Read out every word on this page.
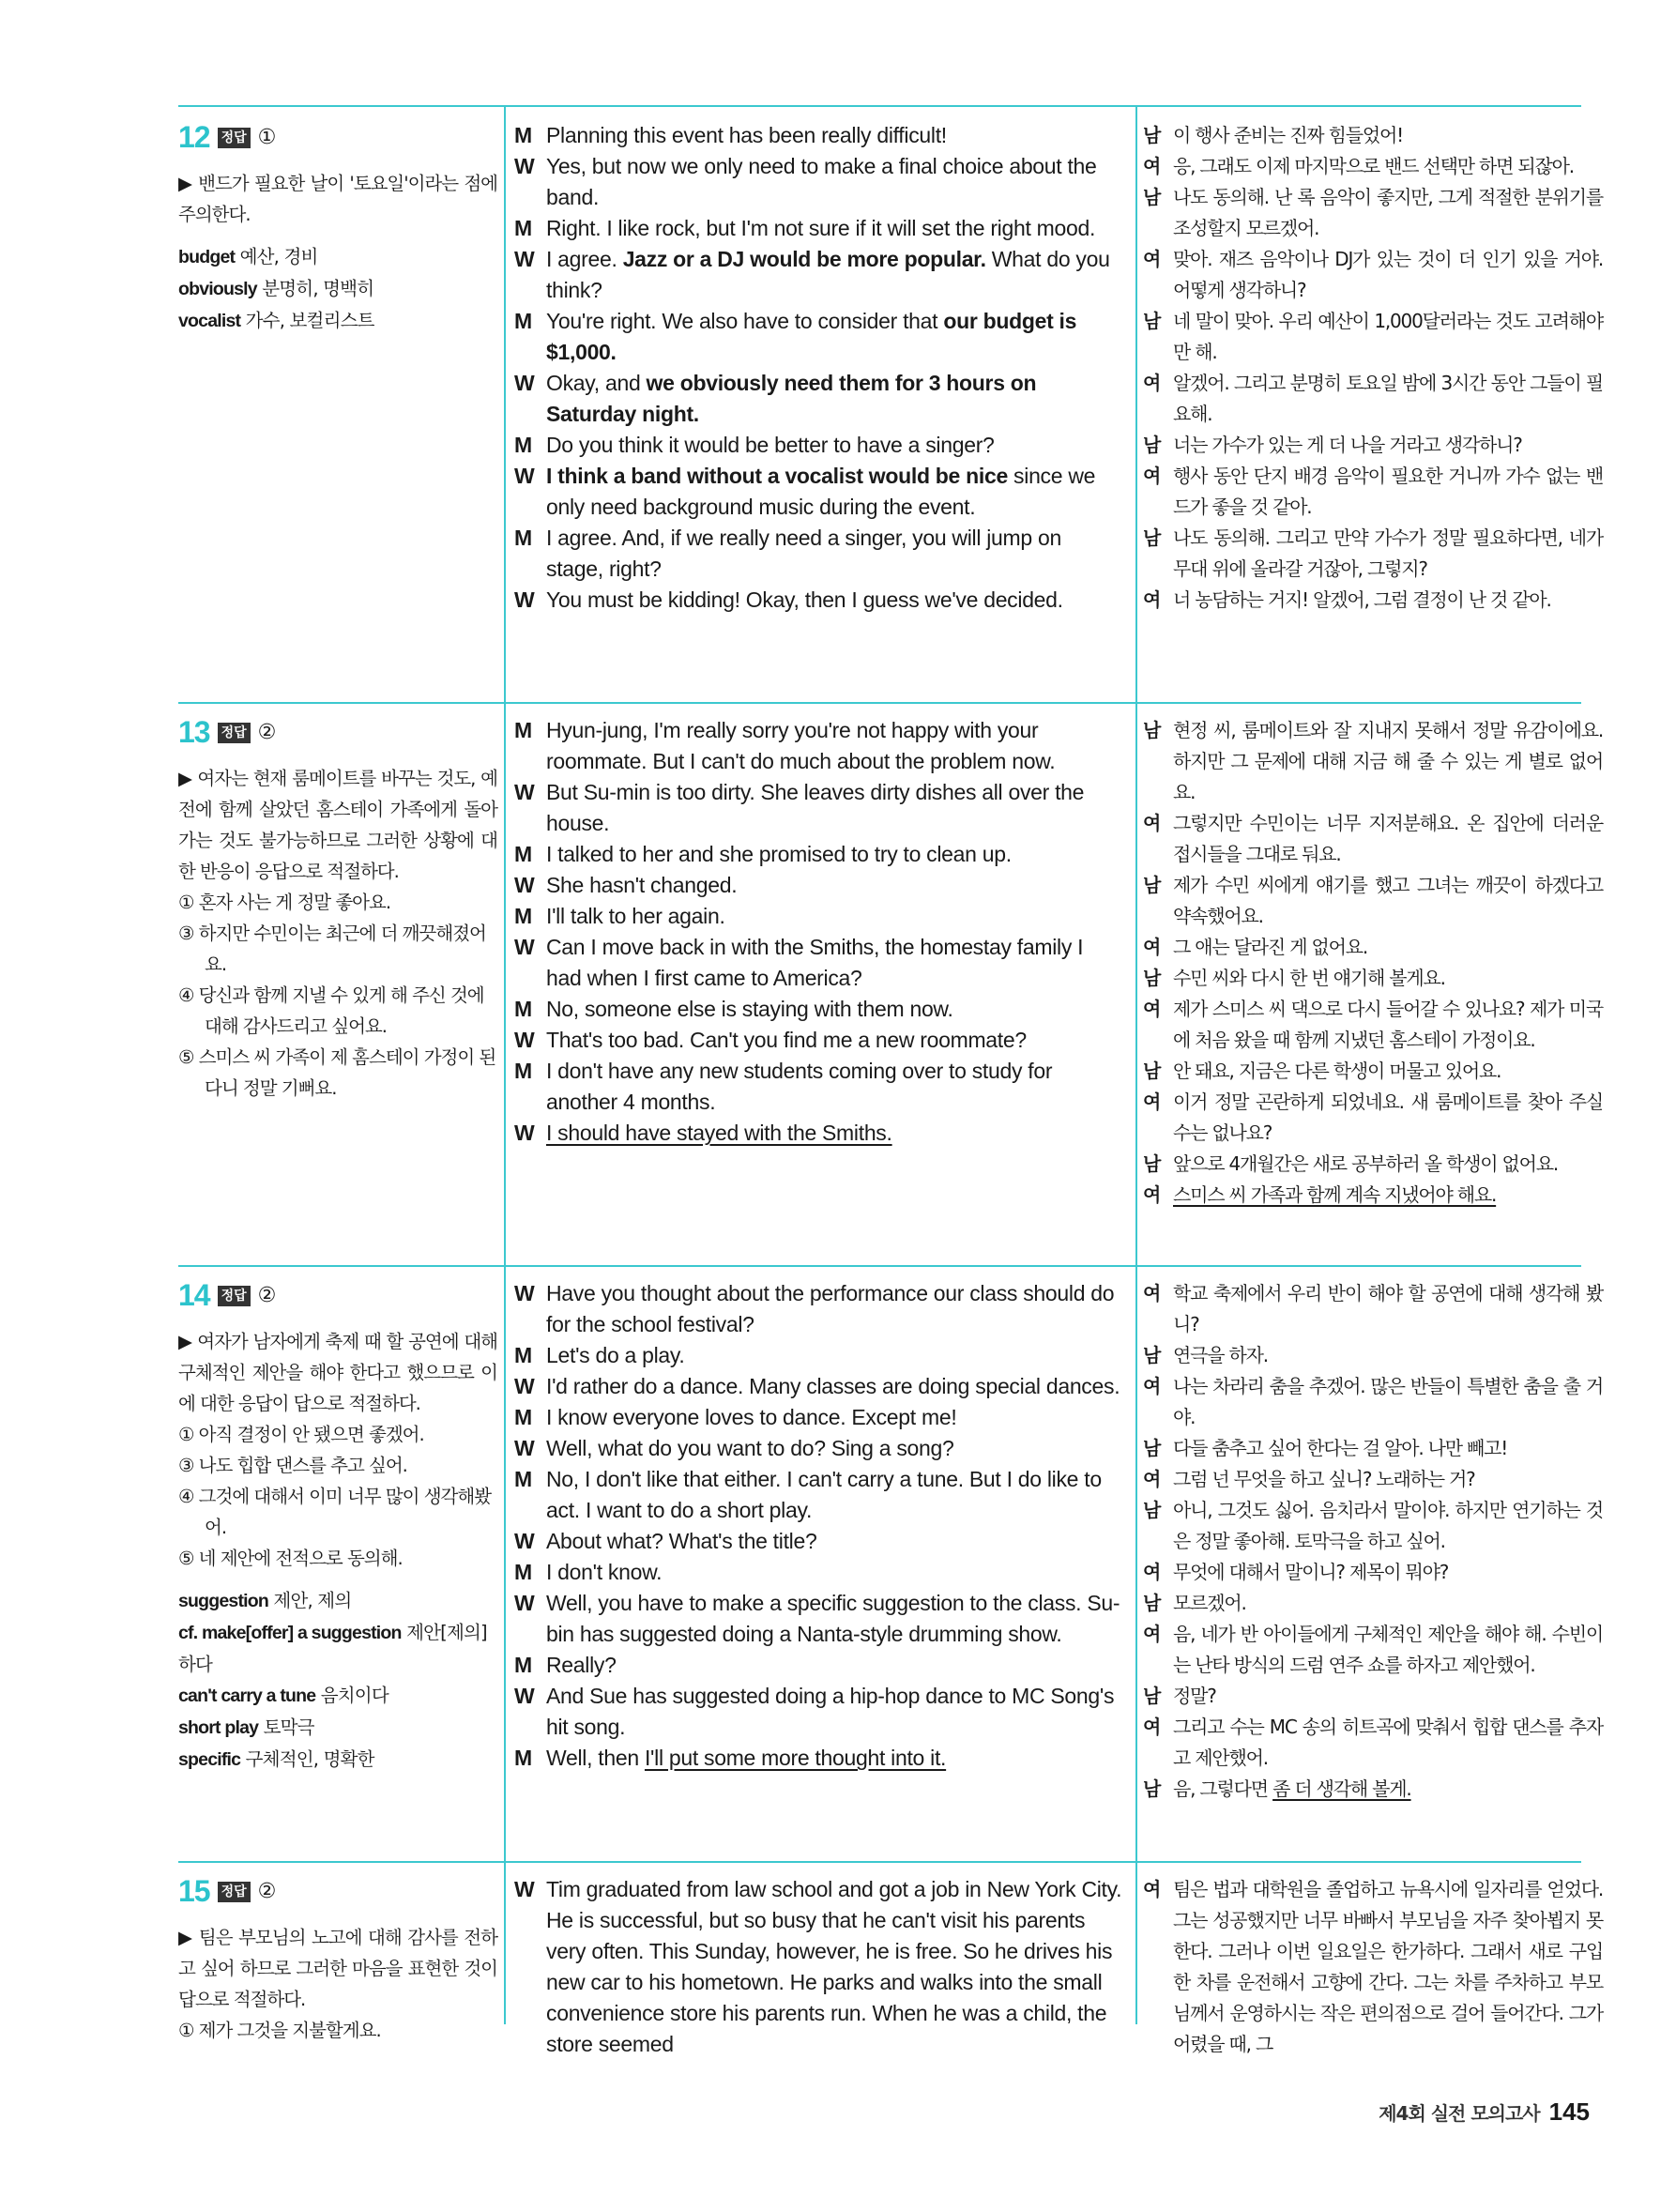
12 정답 ①
▶ 밴드가 필요한 날이 '토요일'이라는 점에 주의한다.
budget 예산, 경비
obviously 분명히, 명백히
vocalist 가수, 보컬리스트
M Planning this event has been really difficult!
W Yes, but now we only need to make a final choice about the band.
M Right. I like rock, but I'm not sure if it will set the right mood.
W I agree. Jazz or a DJ would be more popular. What do you think?
M You're right. We also have to consider that our budget is $1,000.
W Okay, and we obviously need them for 3 hours on Saturday night.
M Do you think it would be better to have a singer?
W I think a band without a vocalist would be nice since we only need background music during the event.
M I agree. And, if we really need a singer, you will jump on stage, right?
W You must be kidding! Okay, then I guess we've decided.
남 이 행사 준비는 진짜 힘들었어!
여 응, 그래도 이제 마지막으로 밴드 선택만 하면 되잖아.
남 나도 동의해. 난 록 음악이 좋지만, 그게 적절한 분위기를 조성할지 모르겠어.
여 맞아. 재즈 음악이나 DJ가 있는 것이 더 인기 있을 거야. 어떻게 생각하니?
남 네 말이 맞아. 우리 예산이 1,000달러라는 것도 고려해야만 해.
여 알겠어. 그리고 분명히 토요일 밤에 3시간 동안 그들이 필요해.
남 너는 가수가 있는 게 더 나을 거라고 생각하니?
여 행사 동안 단지 배경 음악이 필요한 거니까 가수 없는 밴드가 좋을 것 같아.
남 나도 동의해. 그리고 만약 가수가 정말 필요하다면, 네가 무대 위에 올라갈 거잖아, 그렇지?
여 너 농담하는 거지! 알겠어, 그럼 결정이 난 것 같아.
13 정답 ②
▶ 여자는 현재 룸메이트를 바꾸는 것도, 예전에 함께 살았던 홈스테이 가족에게 돌아가는 것도 불가능하므로 그러한 상황에 대한 반응이 응답으로 적절하다.
① 혼자 사는 게 정말 좋아요.
③ 하지만 수민이는 최근에 더 깨끗해졌어요.
④ 당신과 함께 지낼 수 있게 해 주신 것에 대해 감사드리고 싶어요.
⑤ 스미스 씨 가족이 제 홈스테이 가정이 된다니 정말 기뻐요.
M Hyun-jung, I'm really sorry you're not happy with your roommate. But I can't do much about the problem now.
W But Su-min is too dirty. She leaves dirty dishes all over the house.
M I talked to her and she promised to try to clean up.
W She hasn't changed.
M I'll talk to her again.
W Can I move back in with the Smiths, the homestay family I had when I first came to America?
M No, someone else is staying with them now.
W That's too bad. Can't you find me a new roommate?
M I don't have any new students coming over to study for another 4 months.
W I should have stayed with the Smiths.
남 현정 씨, 룸메이트와 잘 지내지 못해서 정말 유감이에요. 하지만 그 문제에 대해 지금 해 줄 수 있는 게 별로 없어요.
여 그렇지만 수민이는 너무 지저분해요. 온 집안에 더러운 접시들을 그대로 둬요.
남 제가 수민 씨에게 얘기를 했고 그녀는 깨끗이 하겠다고 약속했어요.
여 그 애는 달라진 게 없어요.
남 수민 씨와 다시 한 번 얘기해 볼게요.
여 제가 스미스 씨 댁으로 다시 들어갈 수 있나요? 제가 미국에 처음 왔을 때 함께 지냈던 홈스테이 가정이요.
남 안 돼요, 지금은 다른 학생이 머물고 있어요.
여 이거 정말 곤란하게 되었네요. 새 룸메이트를 찾아 주실 수는 없나요?
남 앞으로 4개월간은 새로 공부하러 올 학생이 없어요.
여 스미스 씨 가족과 함께 계속 지냈어야 해요.
14 정답 ②
▶ 여자가 남자에게 축제 때 할 공연에 대해 구체적인 제안을 해야 한다고 했으므로 이에 대한 응답이 답으로 적절하다.
① 아직 결정이 안 됐으면 좋겠어.
③ 나도 힙합 댄스를 추고 싶어.
④ 그것에 대해서 이미 너무 많이 생각해봤어.
⑤ 네 제안에 전적으로 동의해.
suggestion 제안, 제의
cf. make[offer] a suggestion 제안[제의]하다
can't carry a tune 음치이다
short play 토막극
specific 구체적인, 명확한
W Have you thought about the performance our class should do for the school festival?
M Let's do a play.
W I'd rather do a dance. Many classes are doing special dances.
M I know everyone loves to dance. Except me!
W Well, what do you want to do? Sing a song?
M No, I don't like that either. I can't carry a tune. But I do like to act. I want to do a short play.
W About what? What's the title?
M I don't know.
W Well, you have to make a specific suggestion to the class. Su-bin has suggested doing a Nanta-style drumming show.
M Really?
W And Sue has suggested doing a hip-hop dance to MC Song's hit song.
M Well, then I'll put some more thought into it.
여 학교 축제에서 우리 반이 해야 할 공연에 대해 생각해 봤니?
남 연극을 하자.
여 나는 차라리 춤을 추겠어. 많은 반들이 특별한 춤을 출 거야.
남 다들 춤추고 싶어 한다는 걸 알아. 나만 빼고!
여 그럼 넌 무엇을 하고 싶니? 노래하는 거?
남 아니, 그것도 싫어. 음치라서 말이야. 하지만 연기하는 것은 정말 좋아해. 토막극을 하고 싶어.
여 무엇에 대해서 말이니? 제목이 뭐야?
남 모르겠어.
여 음, 네가 반 아이들에게 구체적인 제안을 해야 해. 수빈이는 난타 방식의 드럼 연주 쇼를 하자고 제안했어.
남 정말?
여 그리고 수는 MC 송의 히트곡에 맞춰서 힙합 댄스를 추자고 제안했어.
남 음, 그렇다면 좀 더 생각해 볼게.
15 정답 ②
▶ 팀은 부모님의 노고에 대해 감사를 전하고 싶어 하므로 그러한 마음을 표현한 것이 답으로 적절하다.
① 제가 그것을 지불할게요.
W Tim graduated from law school and got a job in New York City. He is successful, but so busy that he can't visit his parents very often. This Sunday, however, he is free. So he drives his new car to his hometown. He parks and walks into the small convenience store his parents run. When he was a child, the store seemed
여 팀은 법과 대학원을 졸업하고 뉴욕시에 일자리를 얻었다. 그는 성공했지만 너무 바빠서 부모님을 자주 찾아뵙지 못한다. 그러나 이번 일요일은 한가하다. 그래서 새로 구입한 차를 운전해서 고향에 간다. 그는 차를 주차하고 부모님께서 운영하시는 작은 편의점으로 걸어 들어간다. 그가 어렸을 때, 그
제4회 실전 모의고사 145
